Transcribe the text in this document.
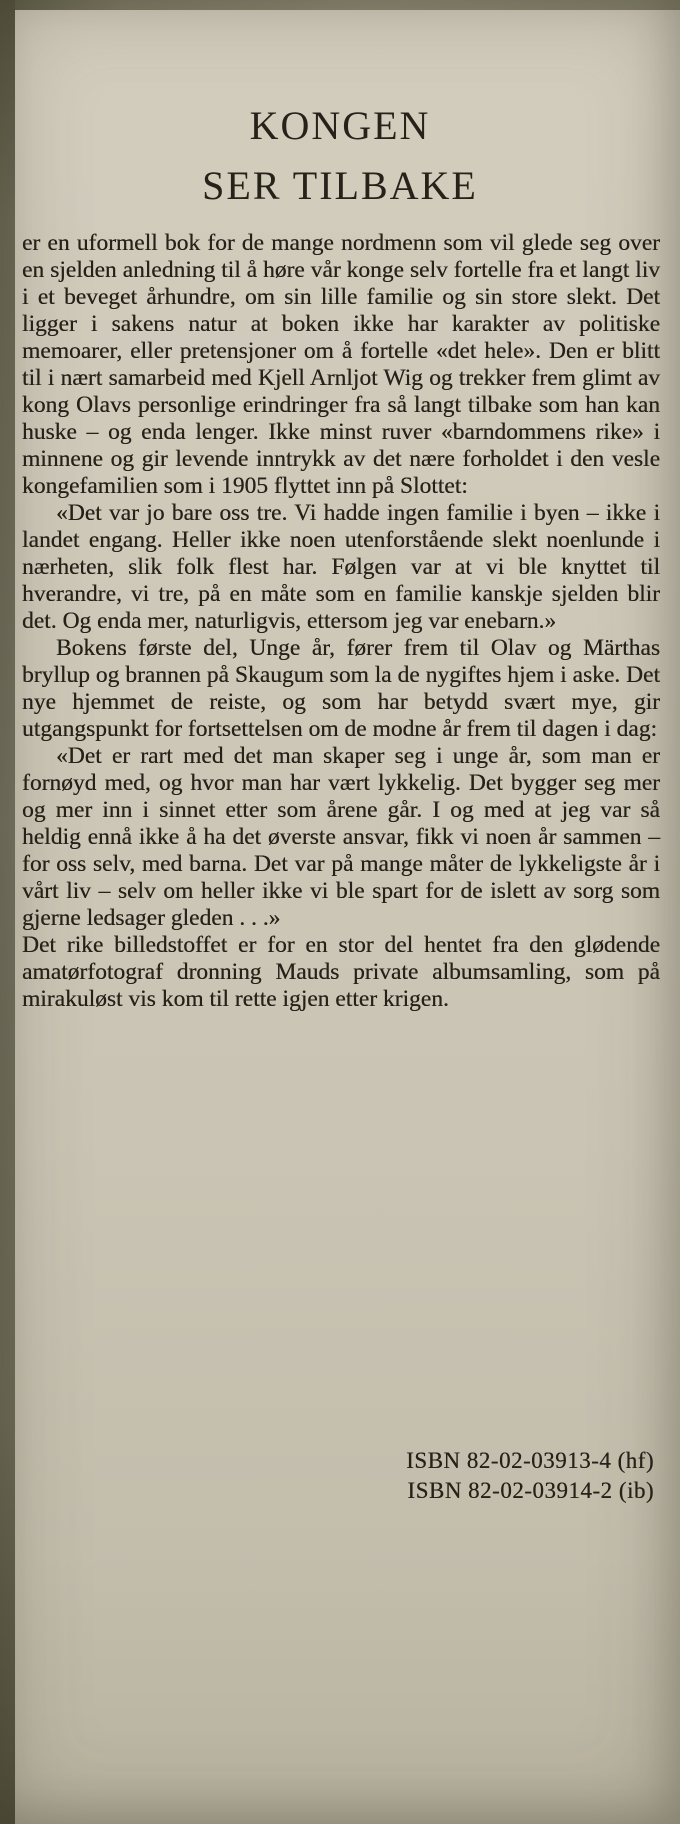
KONGEN
SER TILBAKE

er en uformell bok for de mange nordmenn som vil glede seg over en sjelden anledning til å høre vår konge selv fortelle fra et langt liv i et beveget århundre, om sin lille familie og sin store slekt. Det ligger i sakens natur at boken ikke har karakter av politiske memoarer, eller pretensjoner om å fortelle «det hele». Den er blitt til i nært samarbeid med Kjell Arnljot Wig og trekker frem glimt av kong Olavs personlige erindringer fra så langt tilbake som han kan huske – og enda lenger. Ikke minst ruver «barndommens rike» i minnene og gir levende inntrykk av det nære forholdet i den vesle kongefamilien som i 1905 flyttet inn på Slottet:

«Det var jo bare oss tre. Vi hadde ingen familie i byen – ikke i landet engang. Heller ikke noen utenforstående slekt noenlunde i nærheten, slik folk flest har. Følgen var at vi ble knyttet til hverandre, vi tre, på en måte som en familie kanskje sjelden blir det. Og enda mer, naturligvis, ettersom jeg var enebarn.»

Bokens første del, Unge år, fører frem til Olav og Märthas bryllup og brannen på Skaugum som la de nygiftes hjem i aske. Det nye hjemmet de reiste, og som har betydd svært mye, gir utgangspunkt for fortsettelsen om de modne år frem til dagen i dag:

«Det er rart med det man skaper seg i unge år, som man er fornøyd med, og hvor man har vært lykkelig. Det bygger seg mer og mer inn i sinnet etter som årene går. I og med at jeg var så heldig ennå ikke å ha det øverste ansvar, fikk vi noen år sammen – for oss selv, med barna. Det var på mange måter de lykkeligste år i vårt liv – selv om heller ikke vi ble spart for de islett av sorg som gjerne ledsager gleden . . .»

Det rike billedstoffet er for en stor del hentet fra den glødende amatørfotograf dronning Mauds private albumsamling, som på mirakuløst vis kom til rette igjen etter krigen.

ISBN 82-02-03913-4 (hf)
ISBN 82-02-03914-2 (ib)
